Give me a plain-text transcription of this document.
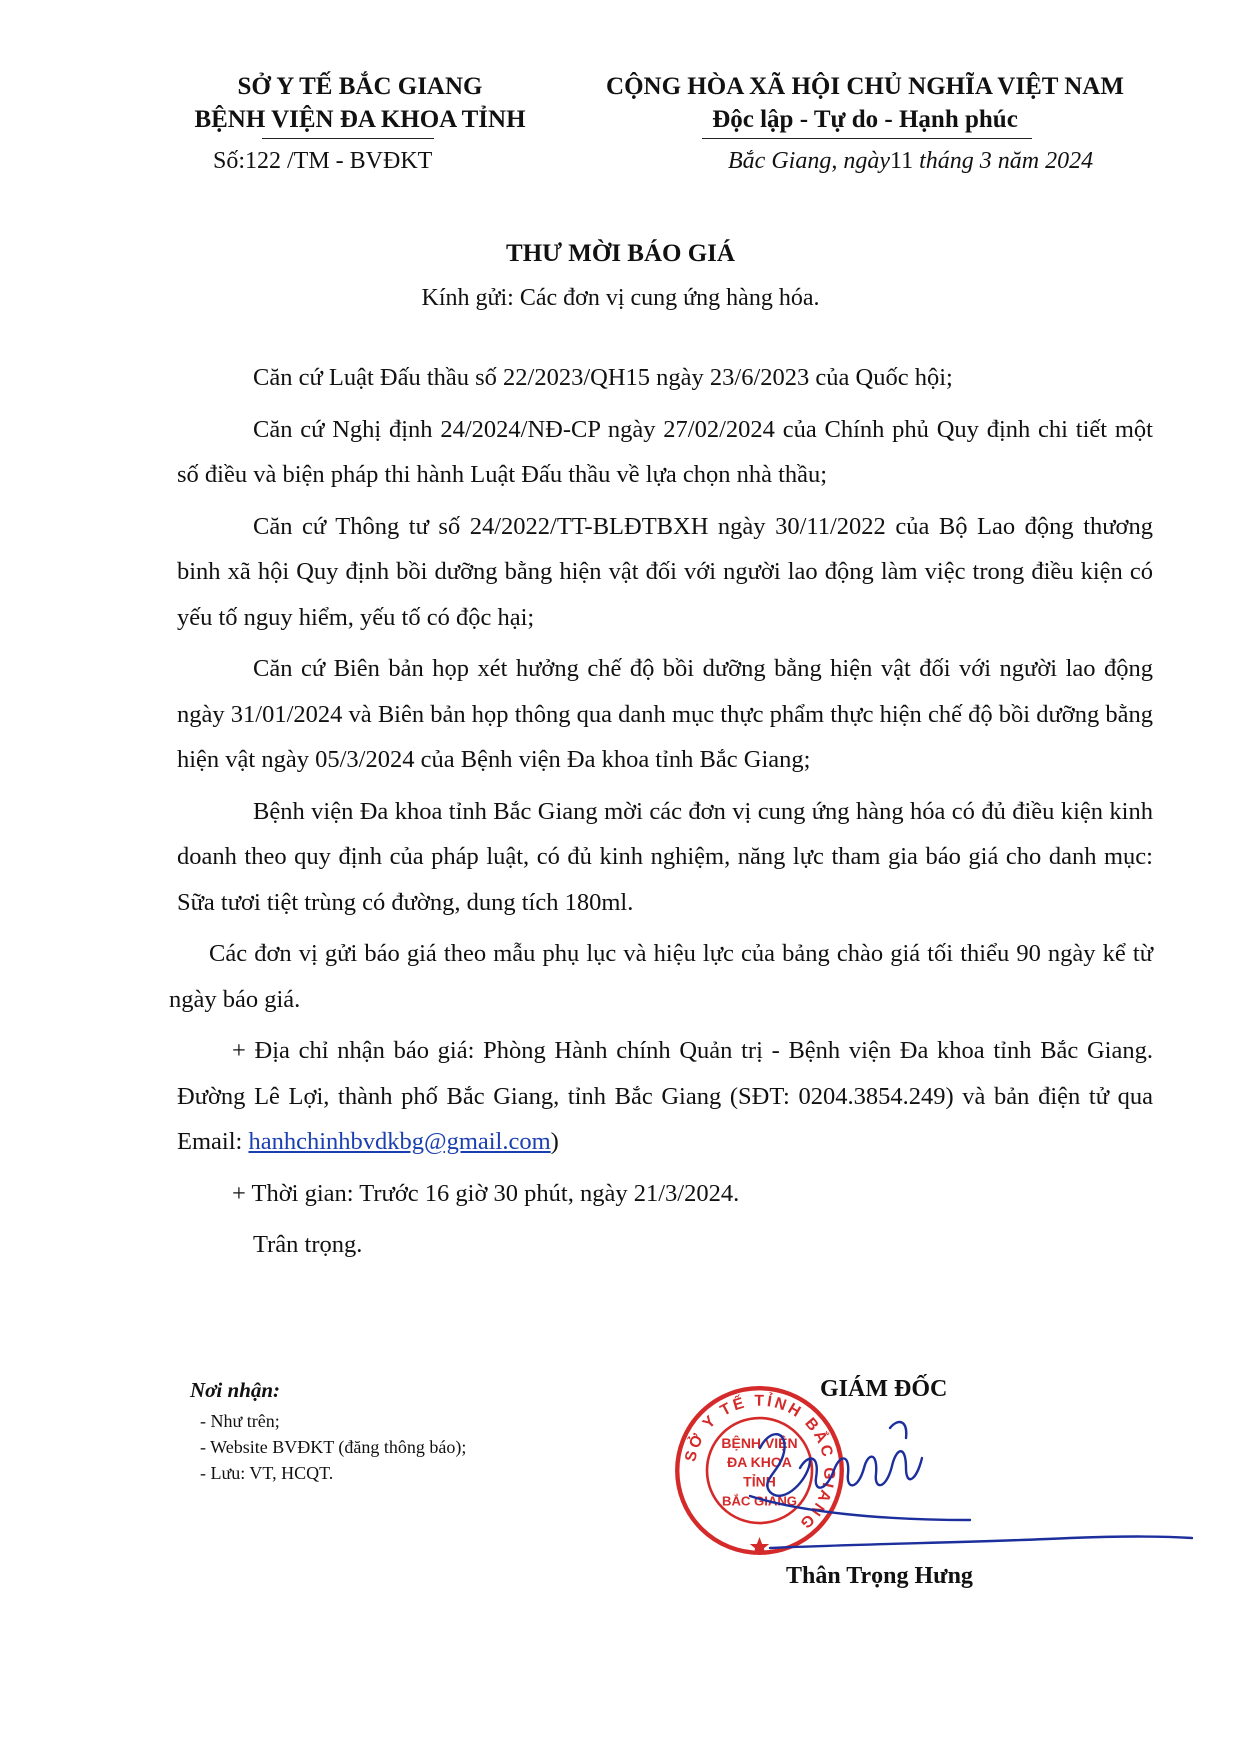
SỞ Y TẾ BẮC GIANG
BỆNH VIỆN ĐA KHOA TỈNH
CỘNG HÒA XÃ HỘI CHỦ NGHĨA VIỆT NAM
Độc lập - Tự do - Hạnh phúc
Số:122 /TM - BVĐKT	Bắc Giang, ngày11 tháng 3 năm 2024
THƯ MỜI BÁO GIÁ
Kính gửi: Các đơn vị cung ứng hàng hóa.

Căn cứ Luật Đấu thầu số 22/2023/QH15 ngày 23/6/2023 của Quốc hội;

Căn cứ Nghị định 24/2024/NĐ-CP ngày 27/02/2024 của Chính phủ Quy định chi tiết một số điều và biện pháp thi hành Luật Đấu thầu về lựa chọn nhà thầu;

Căn cứ Thông tư số 24/2022/TT-BLĐTBXH ngày 30/11/2022 của Bộ Lao động thương binh xã hội Quy định bồi dưỡng bằng hiện vật đối với người lao động làm việc trong điều kiện có yếu tố nguy hiểm, yếu tố có độc hại;

Căn cứ Biên bản họp xét hưởng chế độ bồi dưỡng bằng hiện vật đối với người lao động ngày 31/01/2024 và Biên bản họp thông qua danh mục thực phẩm thực hiện chế độ bồi dưỡng bằng hiện vật ngày 05/3/2024 của Bệnh viện Đa khoa tỉnh Bắc Giang;

Bệnh viện Đa khoa tỉnh Bắc Giang mời các đơn vị cung ứng hàng hóa có đủ điều kiện kinh doanh theo quy định của pháp luật, có đủ kinh nghiệm, năng lực tham gia báo giá cho danh mục: Sữa tươi tiệt trùng có đường, dung tích 180ml.

Các đơn vị gửi báo giá theo mẫu phụ lục và hiệu lực của bảng chào giá tối thiểu 90 ngày kể từ ngày báo giá.

+ Địa chỉ nhận báo giá: Phòng Hành chính Quản trị - Bệnh viện Đa khoa tỉnh Bắc Giang. Đường Lê Lợi, thành phố Bắc Giang, tỉnh Bắc Giang (SĐT: 0204.3854.249) và bản điện tử qua Email: hanhchinhbvdkbg@gmail.com)

+ Thời gian: Trước 16 giờ 30 phút, ngày 21/3/2024.

Trân trọng.

Nơi nhận:
- Như trên;
- Website BVĐKT (đăng thông báo);
- Lưu: VT, HCQT.
GIÁM ĐỐC
SỞ Y TẾ TỈNH BẮC GIANG
BỆNH VIỆN
ĐA KHOA
TỈNH
BẮC GIANG
Thân Trọng Hưng
